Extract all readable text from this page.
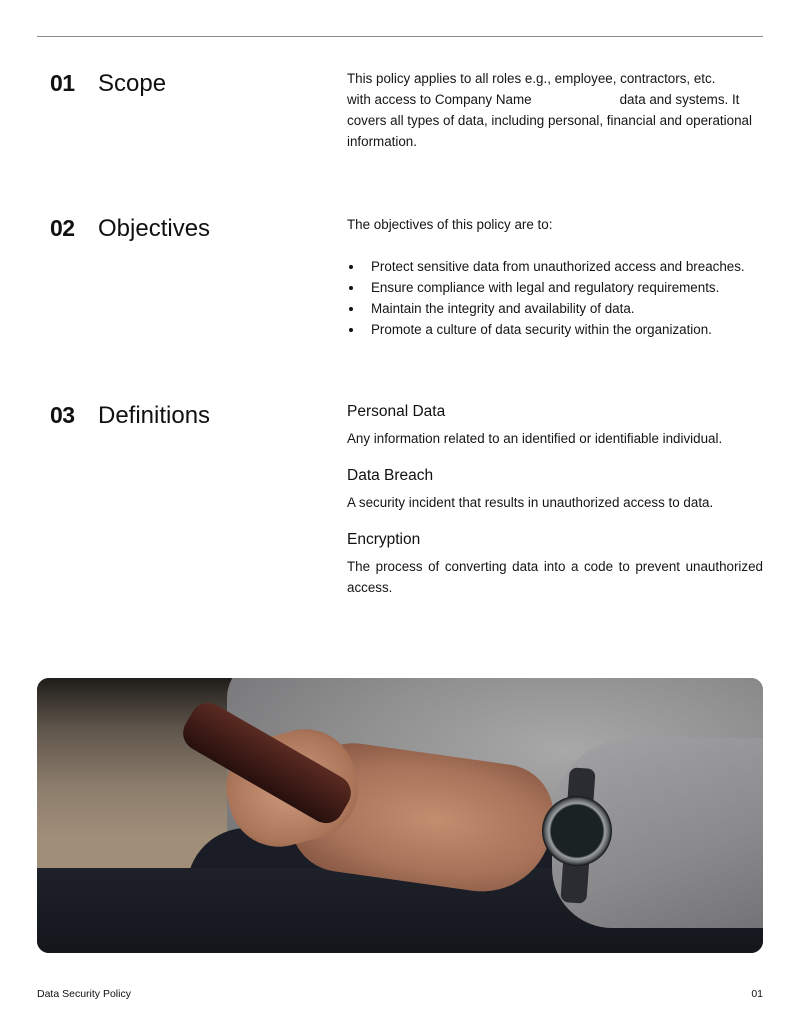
01 Scope	This policy applies to all roles e.g., employee, contractors, etc.
with access to Company Name	data and systems. It
covers all types of data, including personal, financial and operational
information.
02 Objectives	The objectives of this policy are to:
Protect sensitive data from unauthorized access and breaches.
Ensure compliance with legal and regulatory requirements.
Maintain the integrity and availability of data.
Promote a culture of data security within the organization.
03 Definitions	Personal Data
Any information related to an identified or identifiable individual.
Data Breach
A security incident that results in unauthorized access to data.
Encryption
The process of converting data into a code to prevent unauthorized access.
Data Security Policy	01
